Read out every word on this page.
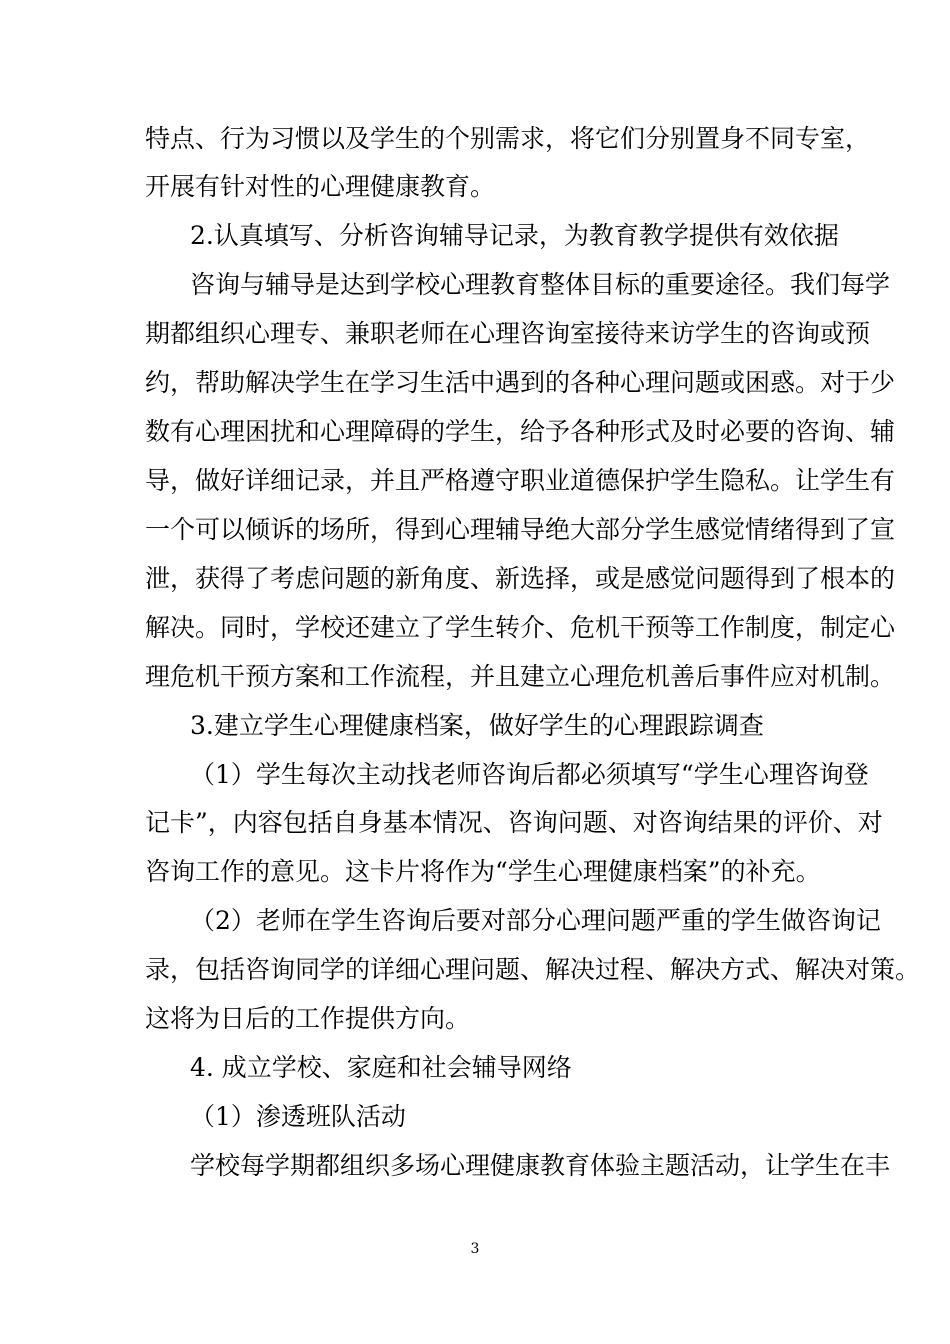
特点、行为习惯以及学生的个别需求，将它们分别置身不同专室，
开展有针对性的心理健康教育。
2.认真填写、分析咨询辅导记录，为教育教学提供有效依据
咨询与辅导是达到学校心理教育整体目标的重要途径。我们每学
期都组织心理专、兼职老师在心理咨询室接待来访学生的咨询或预
约，帮助解决学生在学习生活中遇到的各种心理问题或困惑。对于少
数有心理困扰和心理障碍的学生，给予各种形式及时必要的咨询、辅
导，做好详细记录，并且严格遵守职业道德保护学生隐私。让学生有
一个可以倾诉的场所，得到心理辅导绝大部分学生感觉情绪得到了宣
泄，获得了考虑问题的新角度、新选择，或是感觉问题得到了根本的
解决。同时，学校还建立了学生转介、危机干预等工作制度，制定心
理危机干预方案和工作流程，并且建立心理危机善后事件应对机制。
3.建立学生心理健康档案，做好学生的心理跟踪调查
（1）学生每次主动找老师咨询后都必须填写“学生心理咨询登
记卡”，内容包括自身基本情况、咨询问题、对咨询结果的评价、对
咨询工作的意见。这卡片将作为“学生心理健康档案”的补充。
（2）老师在学生咨询后要对部分心理问题严重的学生做咨询记
录，包括咨询同学的详细心理问题、解决过程、解决方式、解决对策。
这将为日后的工作提供方向。
4. 成立学校、家庭和社会辅导网络
（1）渗透班队活动
学校每学期都组织多场心理健康教育体验主题活动，让学生在丰
3
